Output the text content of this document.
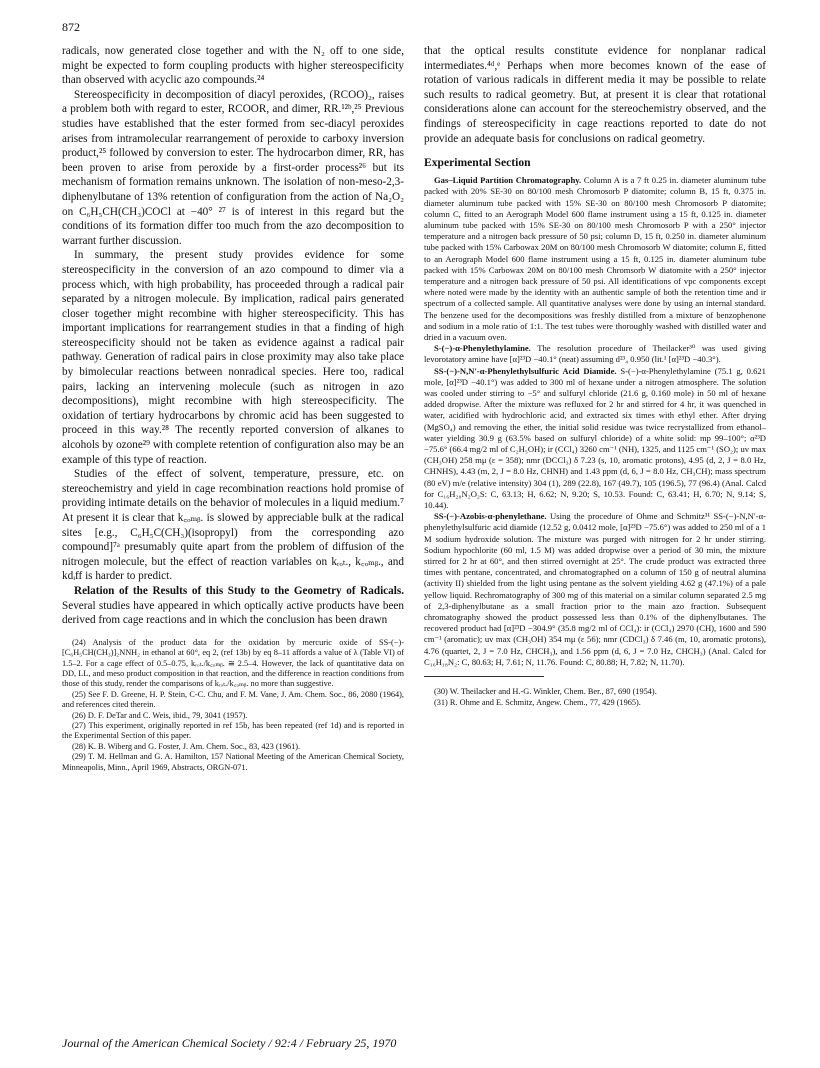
872

radicals, now generated close together and with the N₂ off to one side, might be expected to form coupling products with higher stereospecificity than observed with acyclic azo compounds.²⁴

Stereospecificity in decomposition of diacyl peroxides, (RCOO)₂, raises a problem both with regard to ester, RCOOR, and dimer, RR.¹²ᵇ,²⁵ Previous studies have established that the ester formed from sec-diacyl peroxides arises from intramolecular rearrangement of peroxide to carboxy inversion product,²⁵ followed by conversion to ester. The hydrocarbon dimer, RR, has been proven to arise from peroxide by a first-order process²⁶ but its mechanism of formation remains unknown. The isolation of non-meso-2,3-diphenylbutane of 13% retention of configuration from the action of Na₂O₂ on C₆H₅CH(CH₃)COCl at −40° ²⁷ is of interest in this regard but the conditions of its formation differ too much from the azo decomposition to warrant further discussion.

In summary, the present study provides evidence for some stereospecificity in the conversion of an azo compound to dimer via a process which, with high probability, has proceeded through a radical pair separated by a nitrogen molecule. By implication, radical pairs generated closer together might recombine with higher stereospecificity. This has important implications for rearrangement studies in that a finding of high stereospecificity should not be taken as evidence against a radical pair pathway. Generation of radical pairs in close proximity may also take place by bimolecular reactions between nonradical species. Here too, radical pairs, lacking an intervening molecule (such as nitrogen in azo decompositions), might recombine with high stereospecificity. The oxidation of tertiary hydrocarbons by chromic acid has been suggested to proceed in this way.²⁸ The recently reported conversion of alkanes to alcohols by ozone²⁹ with complete retention of configuration also may be an example of this type of reaction.

Studies of the effect of solvent, temperature, pressure, etc. on stereochemistry and yield in cage recombination reactions hold promise of providing intimate details on the behavior of molecules in a liquid medium.⁷ At present it is clear that k꜀ₒₘᵦ. is slowed by appreciable bulk at the radical sites [e.g., C₆H₅C(CH₃)(isopropyl) from the corresponding azo compound]⁷ᵃ presumably quite apart from the problem of diffusion of the nitrogen molecule, but the effect of reaction variables on kᵣₒₜ., k꜀ₒₘᵦ., and kdᵢff is harder to predict.

Relation of the Results of this Study to the Geometry of Radicals. Several studies have appeared in which optically active products have been derived from cage reactions and in which the conclusion has been drawn

(24) Analysis of the product data for the oxidation by mercuric oxide of SS-(−)-[C₆H₅CH(CH₃)]₂NNH₂ in ethanol at 60°, eq 2, (ref 13b) by eq 8–11 affords a value of λ (Table VI) of 1.5–2. For a cage effect of 0.5–0.75, kᵣₒₜ./k꜀ₒₘᵦ. ≅ 2.5–4. However, the lack of quantitative data on DD, LL, and meso product composition in that reaction, and the difference in reaction conditions from those of this study, render the comparisons of kᵣₒₜ./k꜀ₒₘᵦ. no more than suggestive.

(25) See F. D. Greene, H. P. Stein, C-C. Chu, and F. M. Vane, J. Am. Chem. Soc., 86, 2080 (1964), and references cited therein.

(26) D. F. DeTar and C. Weis, ibid., 79, 3041 (1957).

(27) This experiment, originally reported in ref 15b, has been repeated (ref 1d) and is reported in the Experimental Section of this paper.

(28) K. B. Wiberg and G. Foster, J. Am. Chem. Soc., 83, 423 (1961).

(29) T. M. Hellman and G. A. Hamilton, 157 National Meeting of the American Chemical Society, Minneapolis, Minn., April 1969, Abstracts, ORGN-071.

that the optical results constitute evidence for nonplanar radical intermediates.⁴ᵈ,ᵉ Perhaps when more becomes known of the ease of rotation of various radicals in different media it may be possible to relate such results to radical geometry. But, at present it is clear that rotational considerations alone can account for the stereochemistry observed, and the findings of stereospecificity in cage reactions reported to date do not provide an adequate basis for conclusions on radical geometry.

Experimental Section

Gas–Liquid Partition Chromatography. Column A is a 7 ft 0.25 in. diameter aluminum tube packed with 20% SE-30 on 80/100 mesh Chromosorb P diatomite; column B, 15 ft, 0.375 in. diameter aluminum tube packed with 15% SE-30 on 80/100 mesh Chromosorb P diatomite; column C, fitted to an Aerograph Model 600 flame instrument using a 15 ft, 0.125 in. diameter aluminum tube packed with 15% SE-30 on 80/100 mesh Chromosorb P with a 250° injector temperature and a nitrogen back pressure of 50 psi; column D, 15 ft, 0.250 in. diameter aluminum tube packed with 15% Carbowax 20M on 80/100 mesh Chromosorb W diatomite; column E, fitted to an Aerograph Model 600 flame instrument using a 15 ft, 0.125 in. diameter aluminum tube packed with 15% Carbowax 20M on 80/100 mesh Chromsorb W diatomite with a 250° injector temperature and a nitrogen back pressure of 50 psi. All identifications of vpc components except where noted were made by the identity with an authentic sample of both the retention time and ir spectrum of a collected sample. All quantitative analyses were done by using an internal standard. The benzene used for the decompositions was freshly distilled from a mixture of benzophenone and sodium in a mole ratio of 1:1. The test tubes were thoroughly washed with distilled water and dried in a vacuum oven.

S-(−)-α-Phenylethylamine. The resolution procedure of Theilacker³⁰ was used giving levorotatory amine have [α]²³D −40.1° (neat) assuming d²³₄ 0.950 (lit.¹ [α]²³D −40.3°).

SS-(−)-N,N′-α-Phenylethylsulfuric Acid Diamide. S-(−)-α-Phenylethylamine (75.1 g, 0.621 mole, [α]²³D −40.1°) was added to 300 ml of hexane under a nitrogen atmosphere. The solution was cooled under stirring to −5° and sulfuryl chloride (21.6 g, 0.160 mole) in 50 ml of hexane added dropwise. After the mixture was refluxed for 2 hr and stirred for 4 hr, it was quenched in water, acidified with hydrochloric acid, and extracted six times with ethyl ether. After drying (MgSO₄) and removing the ether, the initial solid residue was twice recrystallized from ethanol–water yielding 30.9 g (63.5% based on sulfuryl chloride) of a white solid: mp 99–100°; α²³D −75.6° (66.4 mg/2 ml of C₂H₅OH); ir (CCl₄) 3260 cm⁻¹ (NH), 1325, and 1125 cm⁻¹ (SO₂); uv max (CH₃OH) 258 mμ (ε = 358); nmr (DCCl₃) δ 7.23 (s, 10, aromatic protons), 4.95 (d, 2, J = 8.0 Hz, CHNHS), 4.43 (m, 2, J = 8.0 Hz, CHNH) and 1.43 ppm (d, 6, J = 8.0 Hz, CH₃CH); mass spectrum (80 eV) m/e (relative intensity) 304 (1), 289 (22.8), 167 (49.7), 105 (196.5), 77 (96.4) (Anal. Calcd for C₁₆H₂₀N₂O₂S: C, 63.13; H, 6.62; N, 9.20; S, 10.53. Found: C, 63.41; H, 6.70; N, 9.14; S, 10.44).

SS-(−)-Azobis-α-phenylethane. Using the procedure of Ohme and Schmitz³¹ SS-(−)-N,N′-α-phenylethylsulfuric acid diamide (12.52 g, 0.0412 mole, [α]²³D −75.6°) was added to 250 ml of a 1 M sodium hydroxide solution. The mixture was purged with nitrogen for 2 hr under stirring. Sodium hypochlorite (60 ml, 1.5 M) was added dropwise over a period of 30 min, the mixture stirred for 2 hr at 60°, and then stirred overnight at 25°. The crude product was extracted three times with pentane, concentrated, and chromatographed on a column of 150 g of neutral alumina (activity II) shielded from the light using pentane as the solvent yielding 4.62 g (47.1%) of a pale yellow liquid. Rechromatography of 300 mg of this material on a similar column separated 2.5 mg of 2,3-diphenylbutane as a small fraction prior to the main azo fraction. Subsequent chromatography showed the product possessed less than 0.1% of the diphenylbutanes. The recovered product had [α]²³D −304.9° (35.8 mg/2 ml of CCl₄): ir (CCl₄) 2970 (CH), 1600 and 590 cm⁻¹ (aromatic); uv max (CH₃OH) 354 mμ (ε 56); nmr (CDCl₃) δ 7.46 (m, 10, aromatic protons), 4.76 (quartet, 2, J = 7.0 Hz, CHCH₃), and 1.56 ppm (d, 6, J = 7.0 Hz, CHCH₃) (Anal. Calcd for C₁₆H₁₈N₂: C, 80.63; H, 7.61; N, 11.76. Found: C, 80.88; H, 7.82; N, 11.70).

(30) W. Theilacker and H.-G. Winkler, Chem. Ber., 87, 690 (1954).

(31) R. Ohme and E. Schmitz, Angew. Chem., 77, 429 (1965).

Journal of the American Chemical Society / 92:4 / February 25, 1970
